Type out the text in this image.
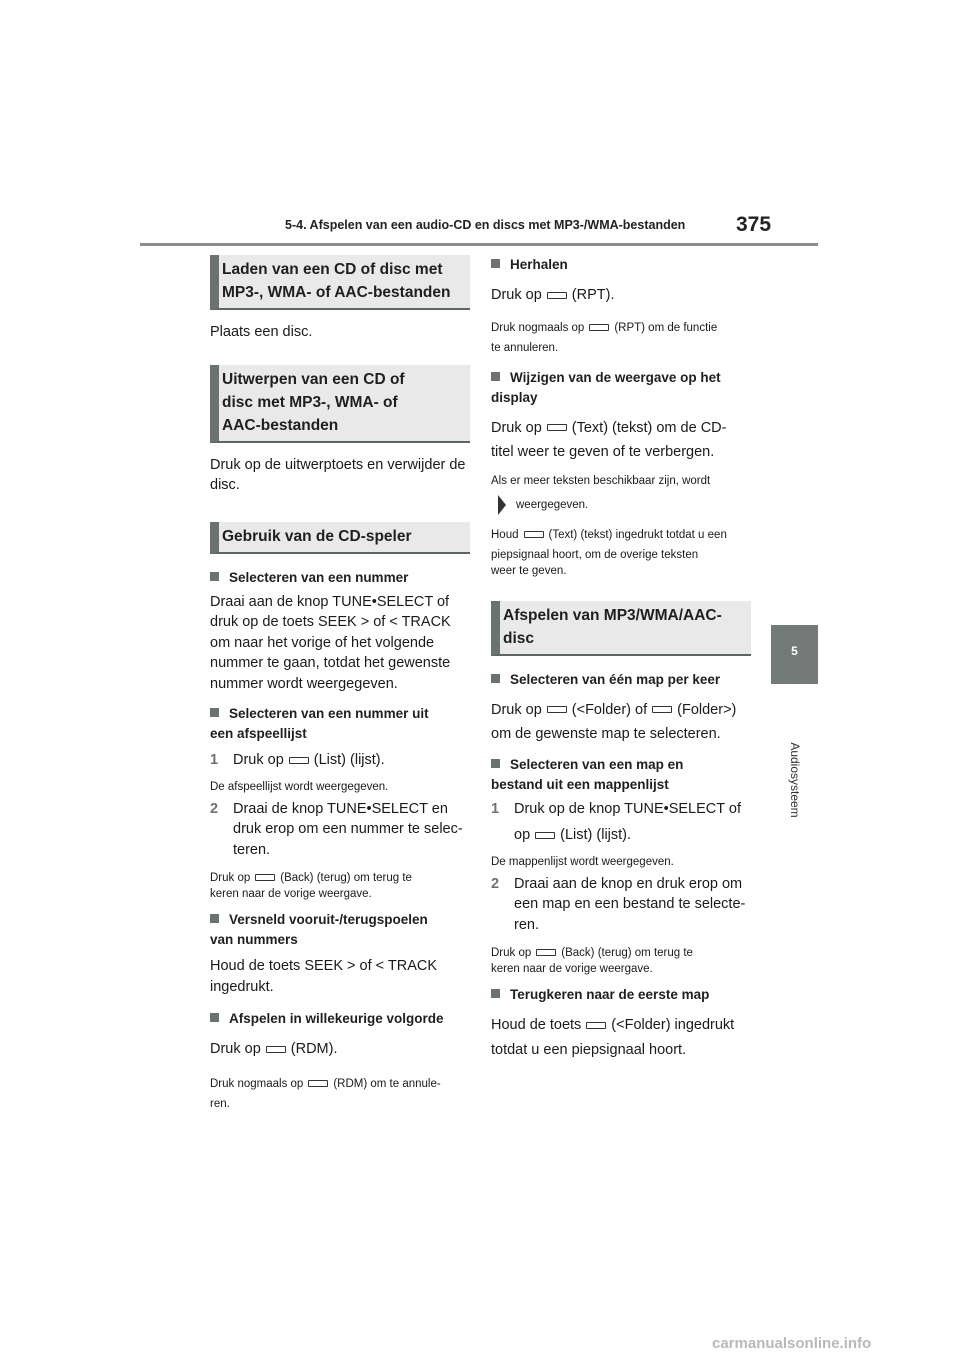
5-4. Afspelen van een audio-CD en discs met MP3-/WMA-bestanden 375
5
Audiosysteem
Laden van een CD of disc met
MP3-, WMA- of AAC-bestanden
Plaats een disc.
Uitwerpen van een CD of
disc met MP3-, WMA- of
AAC-bestanden
Druk op de uitwerptoets en verwijder de
disc.
Gebruik van de CD-speler
Selecteren van een nummer
Draai aan de knop TUNE•SELECT of
druk op de toets SEEK > of < TRACK
om naar het vorige of het volgende
nummer te gaan, totdat het gewenste
nummer wordt weergegeven.
Selecteren van een nummer uit
een afspeellijst
1	Druk op (List) (lijst).
De afspeellijst wordt weergegeven.
2	Draai de knop TUNE•SELECT en
druk erop om een nummer te selec-
teren.
Druk op	(Back) (terug) om terug te
keren naar de vorige weergave.
Versneld vooruit-/terugspoelen
van nummers
Houd de toets SEEK > of < TRACK
ingedrukt.
Afspelen in willekeurige volgorde
Druk op (RDM).
Druk nogmaals op	(RDM) om te annule-
ren.
Herhalen
Druk op (RPT).
Druk nogmaals op	(RPT) om de functie
te annuleren.
Wijzigen van de weergave op het
display
Druk op (Text) (tekst) om de CD-
titel weer te geven of te verbergen.
Als er meer teksten beschikbaar zijn, wordt
weergegeven.
Houd	(Text) (tekst) ingedrukt totdat u een
piepsignaal hoort, om de overige teksten
weer te geven.
Afspelen van MP3/WMA/AAC-
disc
Selecteren van één map per keer
Druk op (<Folder) of (Folder>)
om de gewenste map te selecteren.
Selecteren van een map en
bestand uit een mappenlijst
1	Druk op de knop TUNE•SELECT of
op (List) (lijst).
De mappenlijst wordt weergegeven.
2	Draai aan de knop en druk erop om
een map en een bestand te selecte-
ren.
Druk op	(Back) (terug) om terug te
keren naar de vorige weergave.
Terugkeren naar de eerste map
Houd de toets (<Folder) ingedrukt
totdat u een piepsignaal hoort.
carmanualsonline.info
